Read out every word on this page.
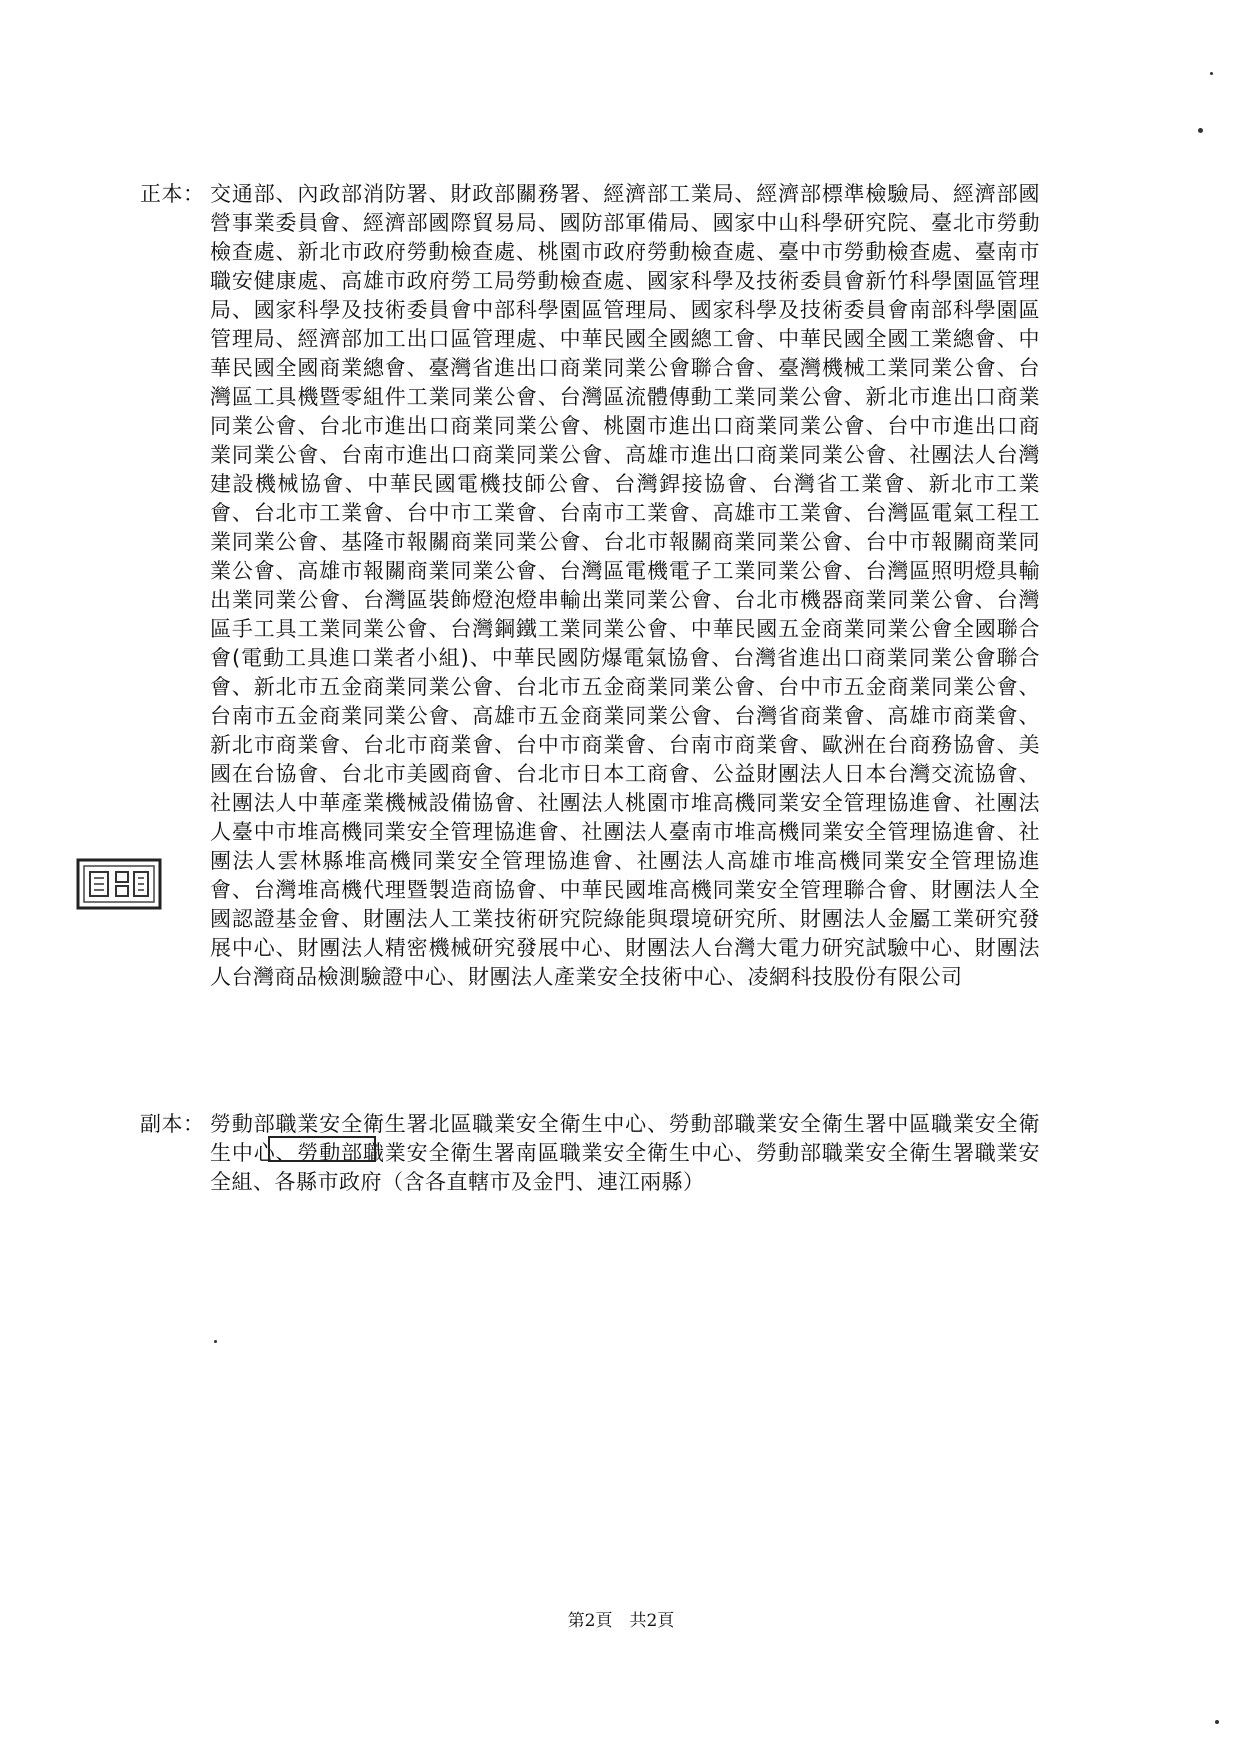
正本： 交通部、內政部消防署、財政部關務署、經濟部工業局、經濟部標準檢驗局、經濟部國營事業委員會、經濟部國際貿易局、國防部軍備局、國家中山科學研究院、臺北市勞動檢查處、新北市政府勞動檢查處、桃園市政府勞動檢查處、臺中市勞動檢查處、臺南市職安健康處、高雄市政府勞工局勞動檢查處、國家科學及技術委員會新竹科學園區管理局、國家科學及技術委員會中部科學園區管理局、國家科學及技術委員會南部科學園區管理局、經濟部加工出口區管理處、中華民國全國總工會、中華民國全國工業總會、中華民國全國商業總會、臺灣省進出口商業同業公會聯合會、臺灣機械工業同業公會、台灣區工具機暨零組件工業同業公會、台灣區流體傳動工業同業公會、新北市進出口商業同業公會、台北市進出口商業同業公會、桃園市進出口商業同業公會、台中市進出口商業同業公會、台南市進出口商業同業公會、高雄市進出口商業同業公會、社團法人台灣建設機械協會、中華民國電機技師公會、台灣銲接協會、台灣省工業會、新北市工業會、台北市工業會、台中市工業會、台南市工業會、高雄市工業會、台灣區電氣工程工業同業公會、基隆市報關商業同業公會、台北市報關商業同業公會、台中市報關商業同業公會、高雄市報關商業同業公會、台灣區電機電子工業同業公會、台灣區照明燈具輸出業同業公會、台灣區裝飾燈泡燈串輸出業同業公會、台北市機器商業同業公會、台灣區手工具工業同業公會、台灣鋼鐵工業同業公會、中華民國五金商業同業公會全國聯合會(電動工具進口業者小組)、中華民國防爆電氣協會、台灣省進出口商業同業公會聯合會、新北市五金商業同業公會、台北市五金商業同業公會、台中市五金商業同業公會、台南市五金商業同業公會、高雄市五金商業同業公會、台灣省商業會、高雄市商業會、新北市商業會、台北市商業會、台中市商業會、台南市商業會、歐洲在台商務協會、美國在台協會、台北市美國商會、台北市日本工商會、公益財團法人日本台灣交流協會、社團法人中華產業機械設備協會、社團法人桃園市堆高機同業安全管理協進會、社團法人臺中市堆高機同業安全管理協進會、社團法人臺南市堆高機同業安全管理協進會、社團法人雲林縣堆高機同業安全管理協進會、社團法人高雄市堆高機同業安全管理協進會、台灣堆高機代理暨製造商協會、中華民國堆高機同業安全管理聯合會、財團法人全國認證基金會、財團法人工業技術研究院綠能與環境研究所、財團法人金屬工業研究發展中心、財團法人精密機械研究發展中心、財團法人台灣大電力研究試驗中心、財團法人台灣商品檢測驗證中心、財團法人產業安全技術中心、凌網科技股份有限公司
副本： 勞動部職業安全衛生署北區職業安全衛生中心、勞動部職業安全衛生署中區職業安全衛生中心、勞動部職業安全衛生署南區職業安全衛生中心、勞動部職業安全衛生署職業安全組、各縣市政府（含各直轄市及金門、連江兩縣）
第2頁　共2頁
